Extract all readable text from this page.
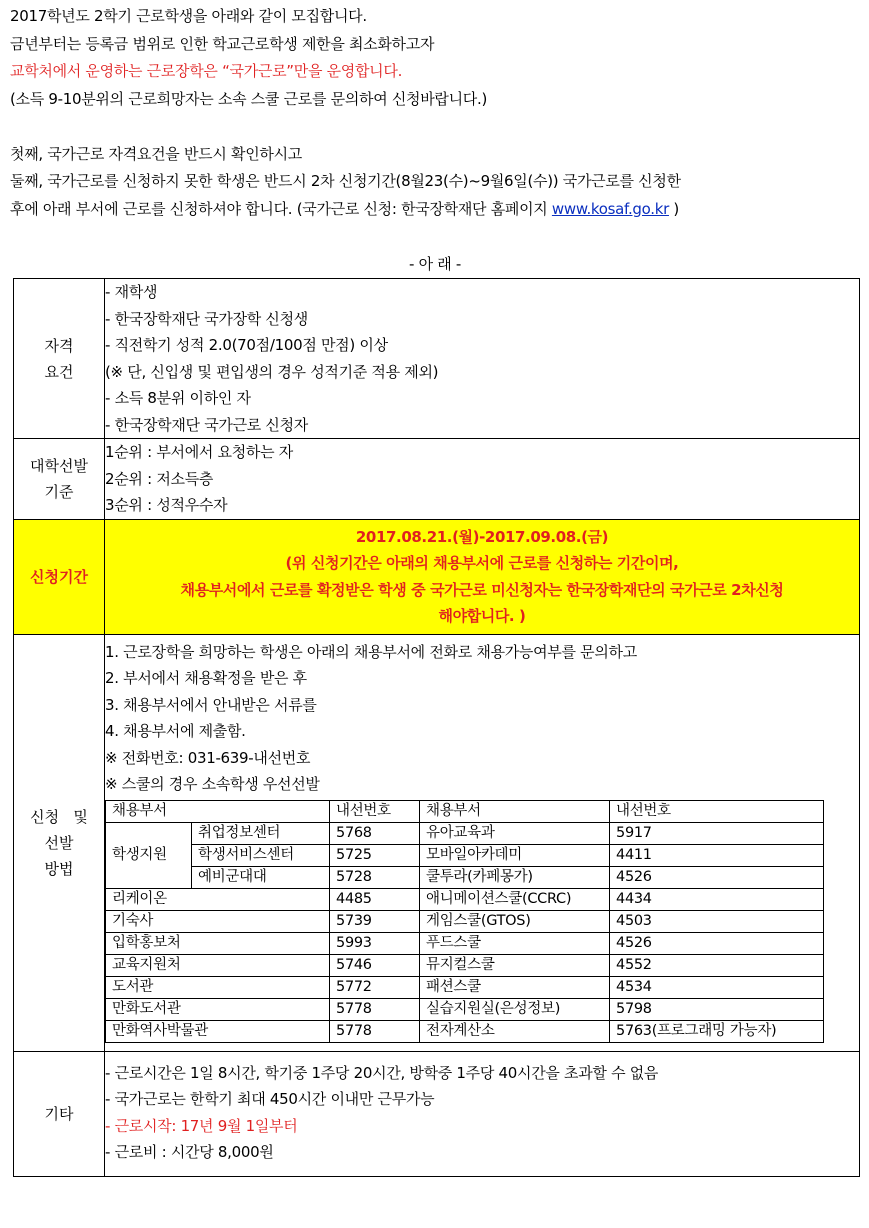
2017학년도 2학기 근로학생을 아래와 같이 모집합니다.
금년부터는 등록금 범위로 인한 학교근로학생 제한을 최소화하고자
교학처에서 운영하는 근로장학은 “국가근로”만을 운영합니다.
(소득 9-10분위의 근로희망자는 소속 스쿨 근로를 문의하여 신청바랍니다.)
첫째, 국가근로 자격요건을 반드시 확인하시고
둘째, 국가근로를 신청하지 못한 학생은 반드시 2차 신청기간(8월23(수)~9월6일(수)) 국가근로를 신청한
후에 아래 부서에 근로를 신청하셔야 합니다. (국가근로 신청: 한국장학재단 홈페이지 www.kosaf.go.kr )
- 아 래 -
자격
요건

- 재학생
- 한국장학재단 국가장학 신청생
- 직전학기 성적 2.0(70점/100점 만점) 이상
(※ 단, 신입생 및 편입생의 경우 성적기준 적용 제외)
- 소득 8분위 이하인 자
- 한국장학재단 국가근로 신청자

대학선발
기준

1순위 : 부서에서 요청하는 자
2순위 : 저소득층
3순위 : 성적우수자

신청기간	
2017.08.21.(월)-2017.09.08.(금)
(위 신청기간은 아래의 채용부서에 근로를 신청하는 기간이며,
채용부서에서 근로를 확정받은 학생 중 국가근로 미신청자는 한국장학재단의 국가근로 2차신청
해야합니다. )

신청   및
선발
방법

1. 근로장학을 희망하는 학생은 아래의 채용부서에 전화로 채용가능여부를 문의하고
2. 부서에서 채용확정을 받은 후
3. 채용부서에서 안내받은 서류를
4. 채용부서에 제출함.
※ 전화번호: 031-639-내선번호
※ 스쿨의 경우 소속학생 우선선발
채용부서	내선번호	채용부서	내선번호
학생지원	취업정보센터	5768	유아교육과	5917
학생서비스센터	5725	모바일아카데미	4411
예비군대대	5728	쿨투라(카페몽가)	4526
리케이온	4485	애니메이션스쿨(CCRC)	4434
기숙사	5739	게임스쿨(GTOS)	4503
입학홍보처	5993	푸드스쿨	4526
교육지원처	5746	뮤지컬스쿨	4552
도서관	5772	패션스쿨	4534
만화도서관	5778	실습지원실(은성정보)	5798
만화역사박물관	5778	전자계산소	5763(프로그래밍 가능자)

기타	
- 근로시간은 1일 8시간, 학기중 1주당 20시간, 방학중 1주당 40시간을 초과할 수 없음
- 국가근로는 한학기 최대 450시간 이내만 근무가능
- 근로시작: 17년 9월 1일부터
- 근로비 : 시간당 8,000원
